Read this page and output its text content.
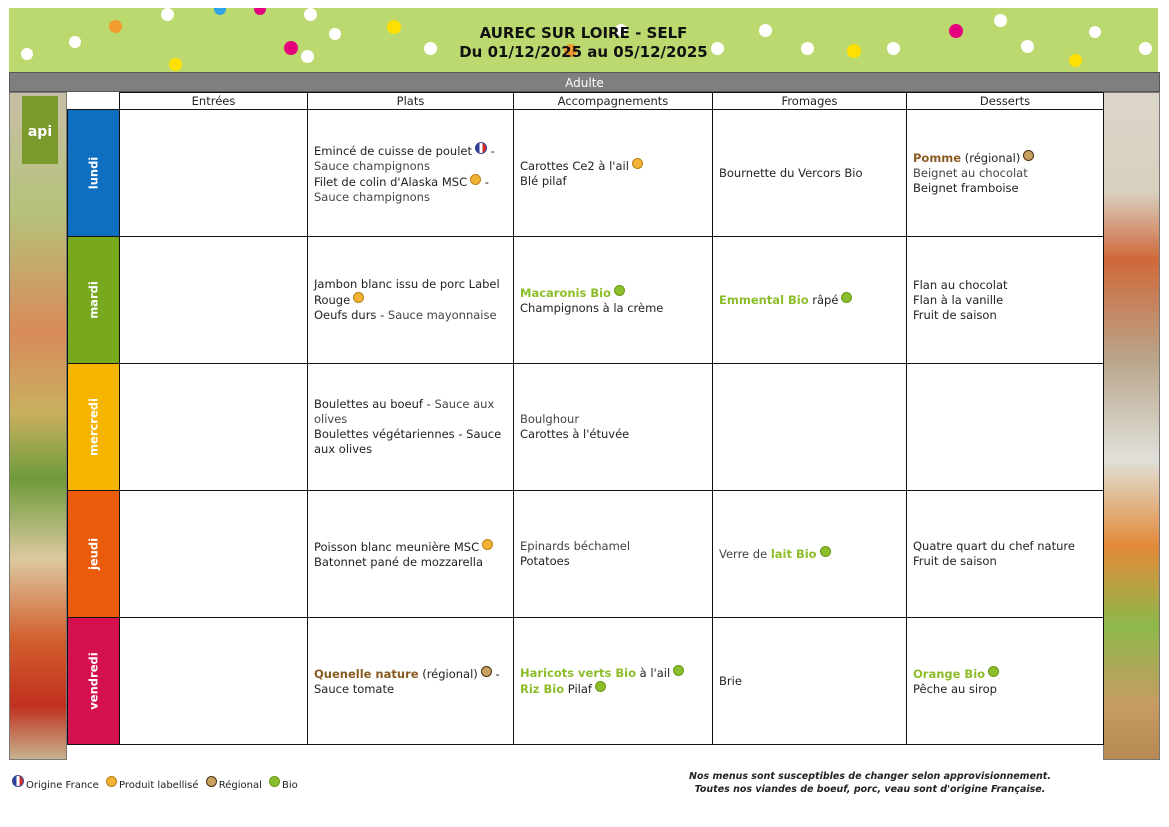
AUREC SUR LOIRE - SELF
Du 01/12/2025 au 05/12/2025
Adulte
api
	Entrées	Plats	Accompagnements	Fromages	Desserts

lundi		Emincé de cuisse de poulet -
Sauce champignons
Filet de colin d'Alaska MSC -
Sauce champignons	Carottes Ce2 à l'ail
Blé pilaf	Bournette du Vercors Bio	Pomme (régional)
Beignet au chocolat
Beignet framboise

mardi		Jambon blanc issu de porc Label Rouge
Oeufs durs - Sauce mayonnaise	Macaronis Bio
Champignons à la crème	Emmental Bio râpé	Flan au chocolat
Flan à la vanille
Fruit de saison

mercredi		Boulettes au boeuf - Sauce aux olives
Boulettes végétariennes - Sauce aux olives	Boulghour
Carottes à l'étuvée		

jeudi		Poisson blanc meunière MSC
Batonnet pané de mozzarella	Epinards béchamel
Potatoes	Verre de lait Bio	Quatre quart du chef nature
Fruit de saison

vendredi		Quenelle nature (régional) -
Sauce tomate	Haricots verts Bio à l'ail
Riz Bio Pilaf	Brie	Orange Bio
Pêche au sirop
Origine France Produit labellisé Régional Bio
Nos menus sont susceptibles de changer selon approvisionnement.
Toutes nos viandes de boeuf, porc, veau sont d'origine Française.
